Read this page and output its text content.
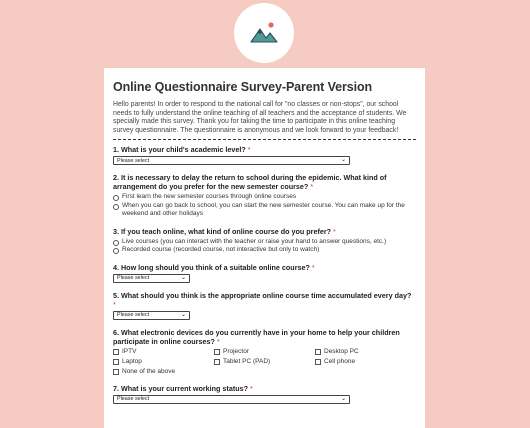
Online Questionnaire Survey-Parent Version
Hello parents! In order to respond to the national call for "no classes or non-stops", our school needs to fully understand the online teaching of all teachers and the acceptance of students. We specially made this survey. Thank you for taking the time to participate in this online teaching survey questionnaire. The questionnaire is anonymous and we look forward to your feedback!
1. What is your child's academic level? *
Please select	⌄
2. It is necessary to delay the return to school during the epidemic. What kind of arrangement do you prefer for the new semester course? *
First learn the new semester courses through online courses
When you can go back to school, you can start the new semester course. You can make up for the weekend and other holidays
3. If you teach online, what kind of online course do you prefer? *
Live courses (you can interact with the teacher or raise your hand to answer questions, etc.)
Recorded course (recorded course, not interactive but only to watch)
4. How long should you think of a suitable online course? *
Please select	⌄
5. What should you think is the appropriate online course time accumulated every day? *
Please select	⌄
6. What electronic devices do you currently have in your home to help your children participate in online courses? *
IPTV	Projector	Desktop PC
Laptop	Tablet PC (PAD)	Cell phone
None of the above
7. What is your current working status? *
Please select	⌄
